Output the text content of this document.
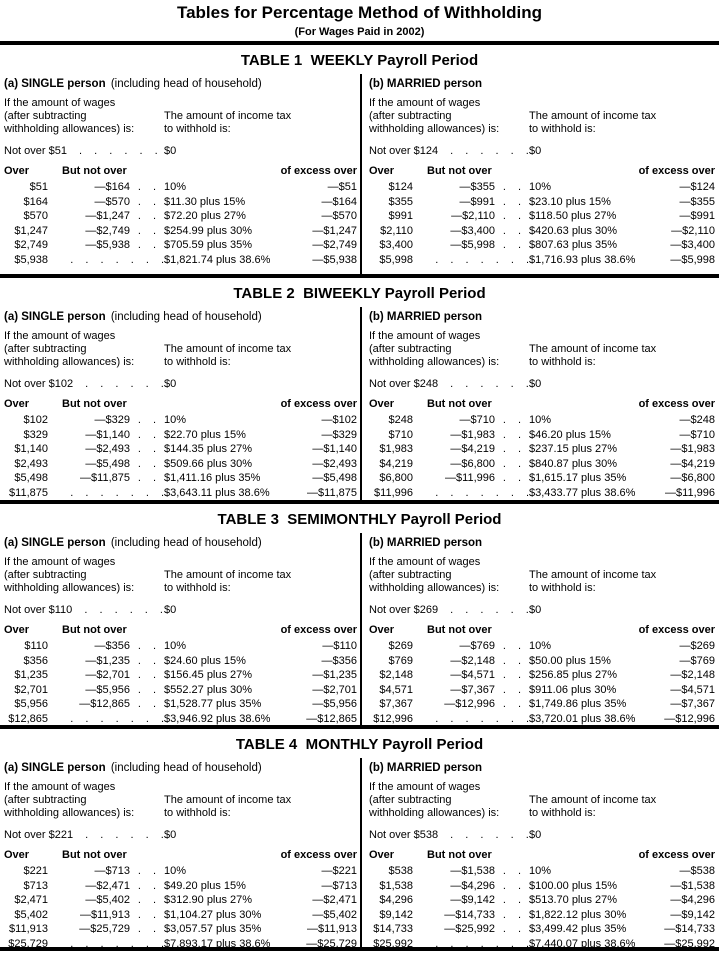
Tables for Percentage Method of Withholding
(For Wages Paid in 2002)
TABLE 1  WEEKLY Payroll Period
(a) SINGLE person (including head of household)
If the amount of wages
(after subtracting
withholding allowances) is:
The amount of income tax
to withhold is:
Not over $51 . . . . . . $0
Over	But not over	of excess over
$51	—$164 . . 10%	—$51
$164	—$570 . . $11.30 plus 15%	—$164
$570	—$1,247 . . $72.20 plus 27%	—$570
$1,247	—$2,749 . . $254.99 plus 30%	—$1,247
$2,749	—$5,938 . . $705.59 plus 35%	—$2,749
$5,938 . . . . . . . $1,821.74 plus 38.6%	—$5,938
(b) MARRIED person
If the amount of wages
(after subtracting
withholding allowances) is:
The amount of income tax
to withhold is:
Not over $124 . . . . . . $0
Over	But not over	of excess over
$124	—$355 . . 10%	—$124
$355	—$991 . . $23.10 plus 15%	—$355
$991	—$2,110 . . $118.50 plus 27%	—$991
$2,110	—$3,400 . . $420.63 plus 30%	—$2,110
$3,400	—$5,998 . . $807.63 plus 35%	—$3,400
$5,998 . . . . . . . $1,716.93 plus 38.6%	—$5,998
TABLE 2  BIWEEKLY Payroll Period
(a) SINGLE person (including head of household)
If the amount of wages
(after subtracting
withholding allowances) is:
The amount of income tax
to withhold is:
Not over $102 . . . . . . $0
Over	But not over	of excess over
$102	—$329 . . 10%	—$102
$329	—$1,140 . . $22.70 plus 15%	—$329
$1,140	—$2,493 . . $144.35 plus 27%	—$1,140
$2,493	—$5,498 . . $509.66 plus 30%	—$2,493
$5,498	—$11,875 . . $1,411.16 plus 35%	—$5,498
$11,875 . . . . . . . $3,643.11 plus 38.6%	—$11,875
(b) MARRIED person
If the amount of wages
(after subtracting
withholding allowances) is:
The amount of income tax
to withhold is:
Not over $248 . . . . . . $0
Over	But not over	of excess over
$248	—$710 . . 10%	—$248
$710	—$1,983 . . $46.20 plus 15%	—$710
$1,983	—$4,219 . . $237.15 plus 27%	—$1,983
$4,219	—$6,800 . . $840.87 plus 30%	—$4,219
$6,800	—$11,996 . . $1,615.17 plus 35%	—$6,800
$11,996 . . . . . . . $3,433.77 plus 38.6%	—$11,996
TABLE 3  SEMIMONTHLY Payroll Period
(a) SINGLE person (including head of household)
If the amount of wages
(after subtracting
withholding allowances) is:
The amount of income tax
to withhold is:
Not over $110 . . . . . . $0
Over	But not over	of excess over
$110	—$356 . . 10%	—$110
$356	—$1,235 . . $24.60 plus 15%	—$356
$1,235	—$2,701 . . $156.45 plus 27%	—$1,235
$2,701	—$5,956 . . $552.27 plus 30%	—$2,701
$5,956	—$12,865 . . $1,528.77 plus 35%	—$5,956
$12,865 . . . . . . . $3,946.92 plus 38.6%	—$12,865
(b) MARRIED person
If the amount of wages
(after subtracting
withholding allowances) is:
The amount of income tax
to withhold is:
Not over $269 . . . . . . $0
Over	But not over	of excess over
$269	—$769 . . 10%	—$269
$769	—$2,148 . . $50.00 plus 15%	—$769
$2,148	—$4,571 . . $256.85 plus 27%	—$2,148
$4,571	—$7,367 . . $911.06 plus 30%	—$4,571
$7,367	—$12,996 . . $1,749.86 plus 35%	—$7,367
$12,996 . . . . . . . $3,720.01 plus 38.6%	—$12,996
TABLE 4  MONTHLY Payroll Period
(a) SINGLE person (including head of household)
If the amount of wages
(after subtracting
withholding allowances) is:
The amount of income tax
to withhold is:
Not over $221 . . . . . . $0
Over	But not over	of excess over
$221	—$713 . . 10%	—$221
$713	—$2,471 . . $49.20 plus 15%	—$713
$2,471	—$5,402 . . $312.90 plus 27%	—$2,471
$5,402	—$11,913 . . $1,104.27 plus 30%	—$5,402
$11,913	—$25,729 . . $3,057.57 plus 35%	—$11,913
$25,729 . . . . . . . $7,893.17 plus 38.6%	—$25,729
(b) MARRIED person
If the amount of wages
(after subtracting
withholding allowances) is:
The amount of income tax
to withhold is:
Not over $538 . . . . . . $0
Over	But not over	of excess over
$538	—$1,538 . . 10%	—$538
$1,538	—$4,296 . . $100.00 plus 15%	—$1,538
$4,296	—$9,142 . . $513.70 plus 27%	—$4,296
$9,142	—$14,733 . . $1,822.12 plus 30%	—$9,142
$14,733	—$25,992 . . $3,499.42 plus 35%	—$14,733
$25,992 . . . . . . . $7,440.07 plus 38.6%	—$25,992
